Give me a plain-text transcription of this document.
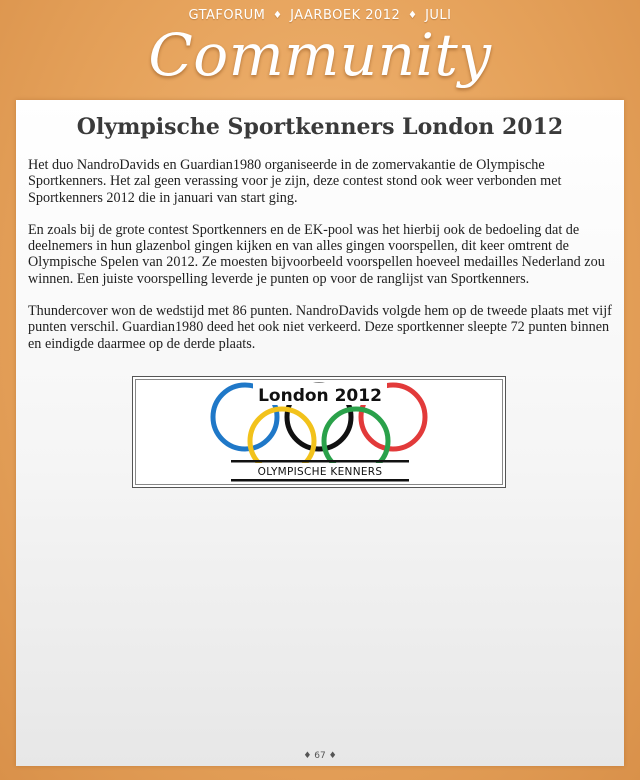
GTAFORUM ♦ JAARBOEK 2012 ♦ JULI
Community
Olympische Sportkenners London 2012

Het duo NandroDavids en Guardian1980 organiseerde in de zomervakantie de Olympische Sportkenners. Het zal geen verassing voor je zijn, deze contest stond ook weer verbonden met Sportkenners 2012 die in januari van start ging.

En zoals bij de grote contest Sportkenners en de EK-pool was het hierbij ook de bedoeling dat de deelnemers in hun glazenbol gingen kijken en van alles gingen voorspellen, dit keer omtrent de Olympische Spelen van 2012. Ze moesten bijvoorbeeld voorspellen hoeveel medailles Nederland zou winnen. Een juiste voorspelling leverde je punten op voor de ranglijst van Sportkenners.

Thundercover won de wedstijd met 86 punten. NandroDavids volgde hem op de tweede plaats met vijf punten verschil. Guardian1980 deed het ook niet verkeerd. Deze sportkenner sleepte 72 punten binnen en eindigde daarmee op de derde plaats.

London 2012
OLYMPISCHE KENNERS
♦ 67 ♦
